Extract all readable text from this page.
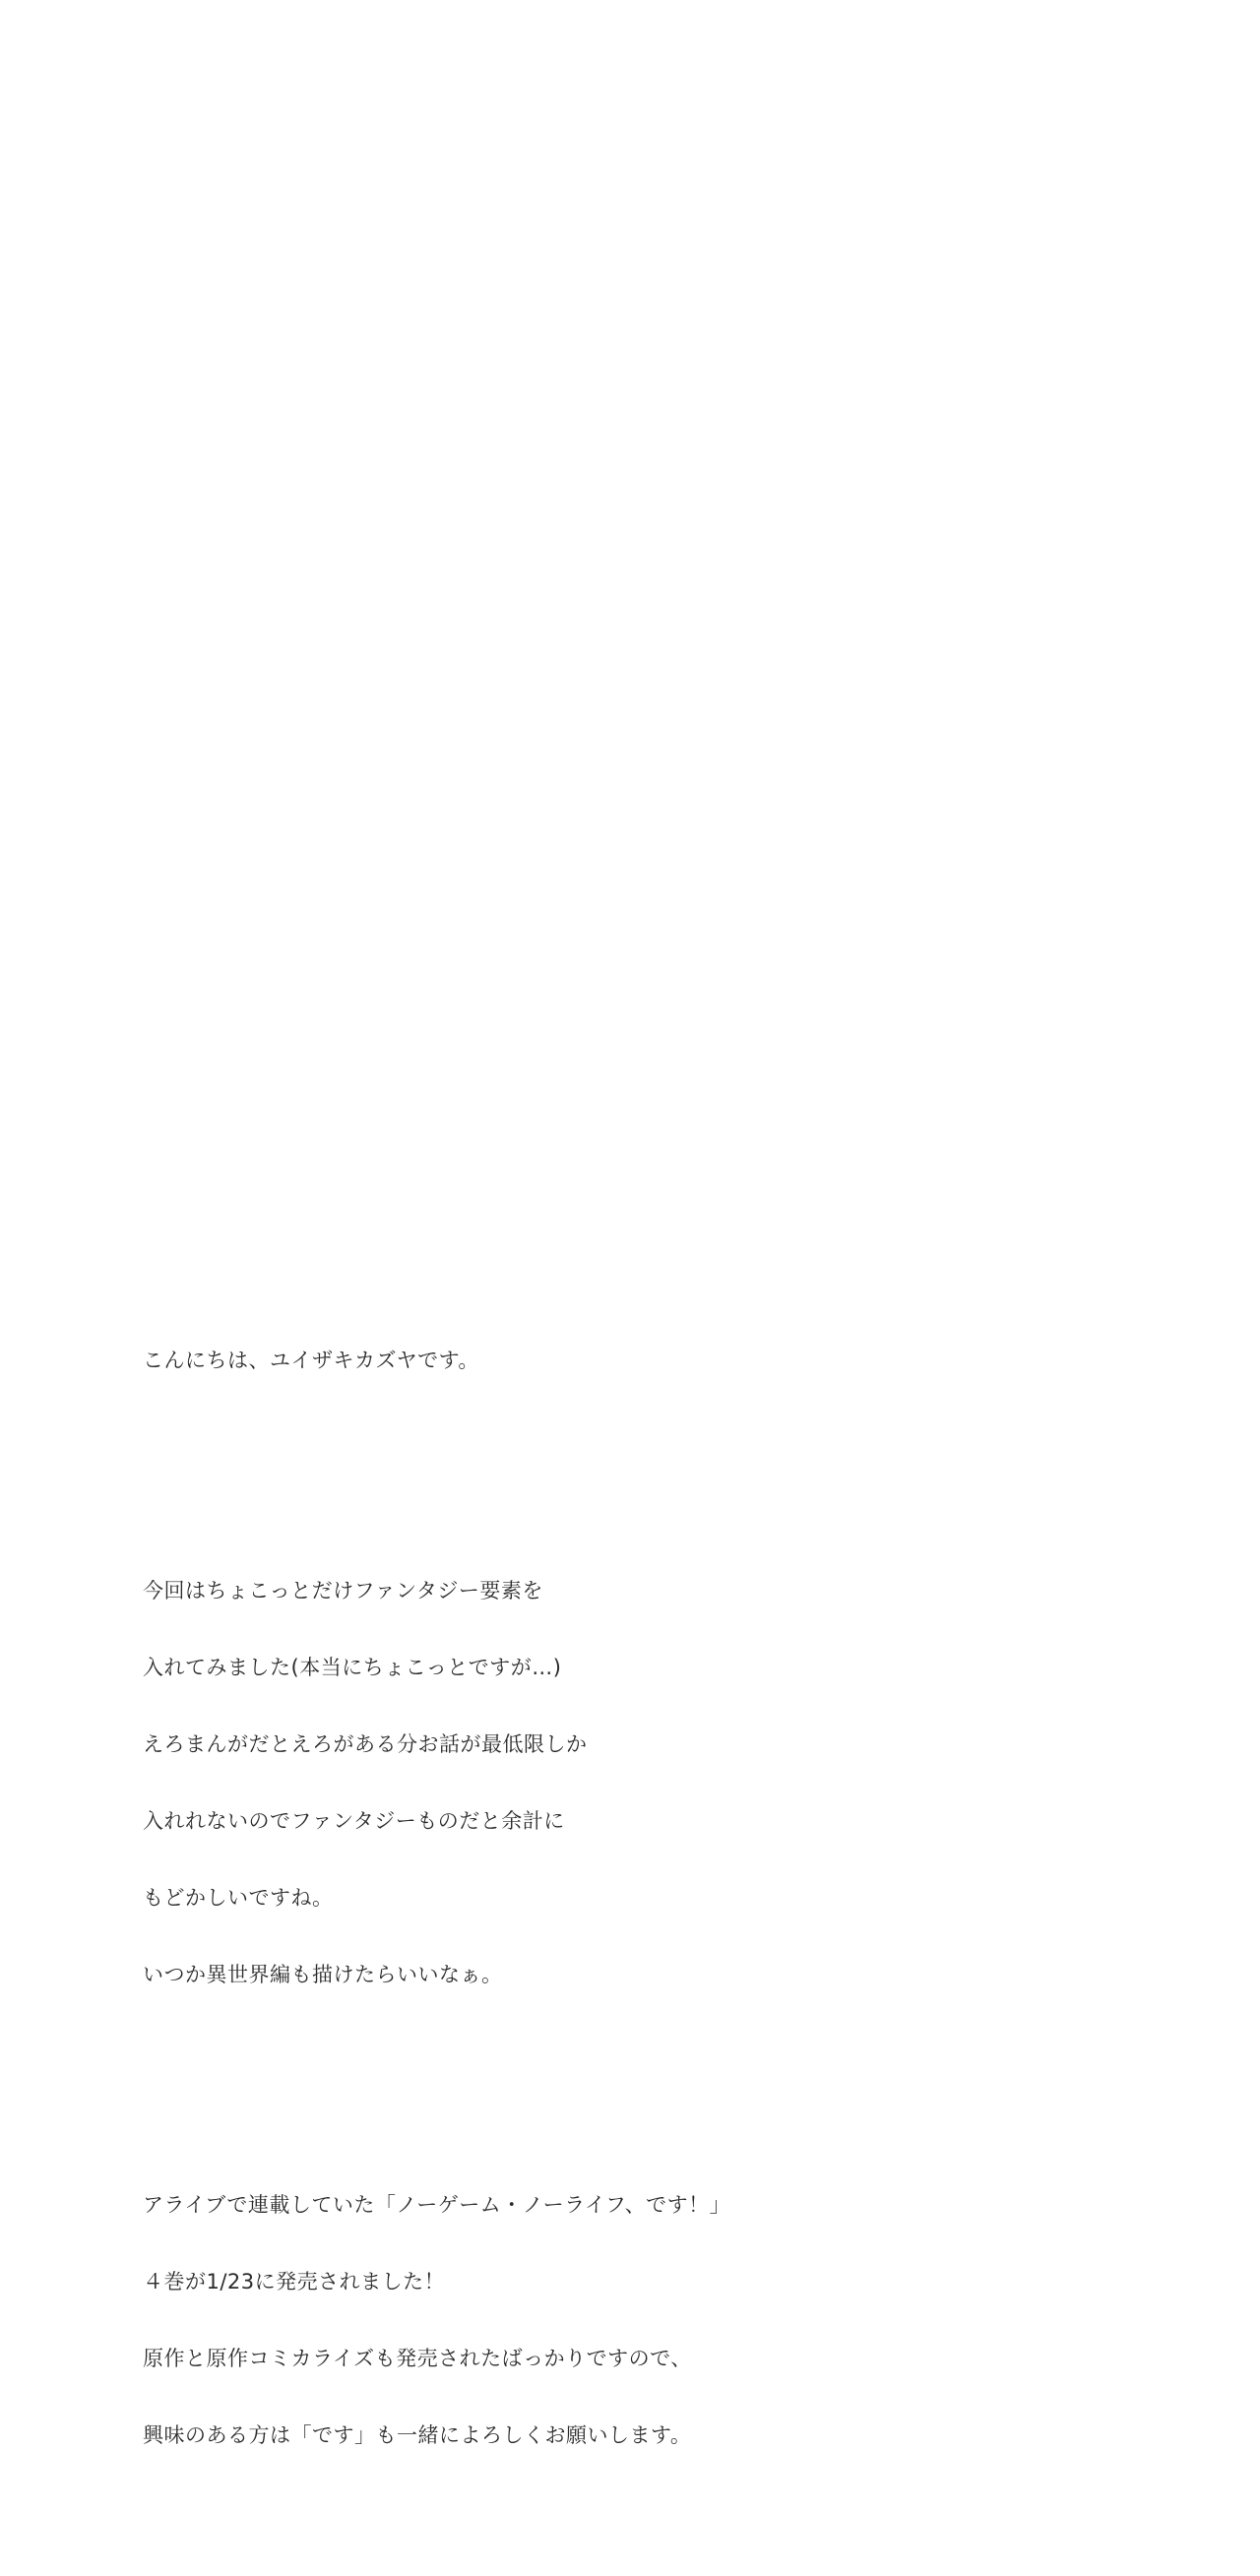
こんにちは、ユイザキカズヤです。

今回はちょこっとだけファンタジー要素を

入れてみました(本当にちょこっとですが…)

えろまんがだとえろがある分お話が最低限しか

入れれないのでファンタジーものだと余計に

もどかしいですね。

いつか異世界編も描けたらいいなぁ。

アライブで連載していた「ノーゲーム・ノーライフ、です！」

４巻が1/23に発売されました！

原作と原作コミカライズも発売されたばっかりですので、

興味のある方は「です」も一緒によろしくお願いします。
